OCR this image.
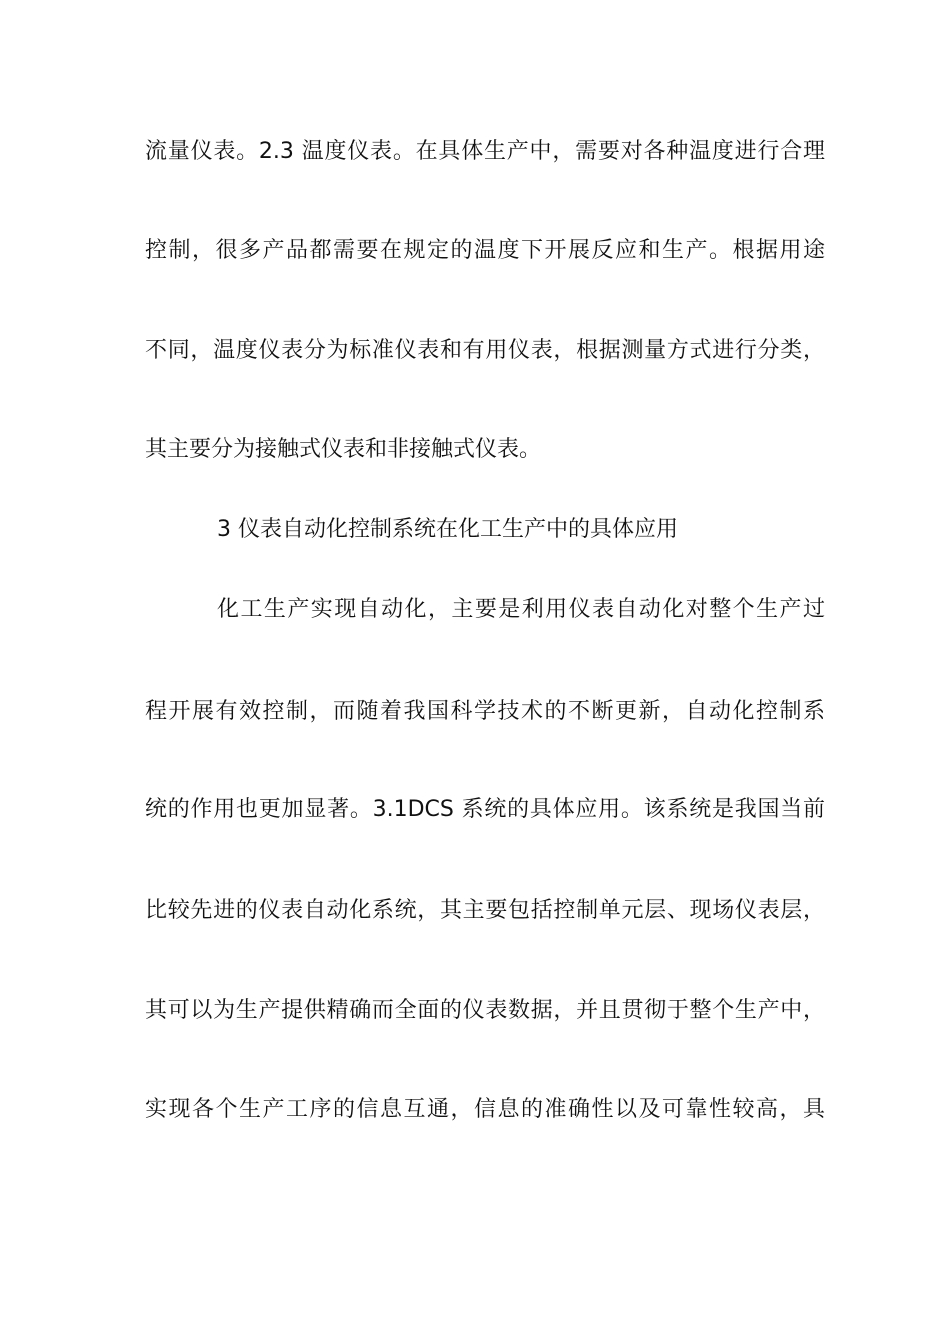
流量仪表。2.3 温度仪表。在具体生产中，需要对各种温度进行合理
控制，很多产品都需要在规定的温度下开展反应和生产。根据用途
不同，温度仪表分为标准仪表和有用仪表，根据测量方式进行分类，
其主要分为接触式仪表和非接触式仪表。
3 仪表自动化控制系统在化工生产中的具体应用
化工生产实现自动化，主要是利用仪表自动化对整个生产过
程开展有效控制，而随着我国科学技术的不断更新，自动化控制系
统的作用也更加显著。3.1DCS 系统的具体应用。该系统是我国当前
比较先进的仪表自动化系统，其主要包括控制单元层、现场仪表层，
其可以为生产提供精确而全面的仪表数据，并且贯彻于整个生产中，
实现各个生产工序的信息互通，信息的准确性以及可靠性较高，具
